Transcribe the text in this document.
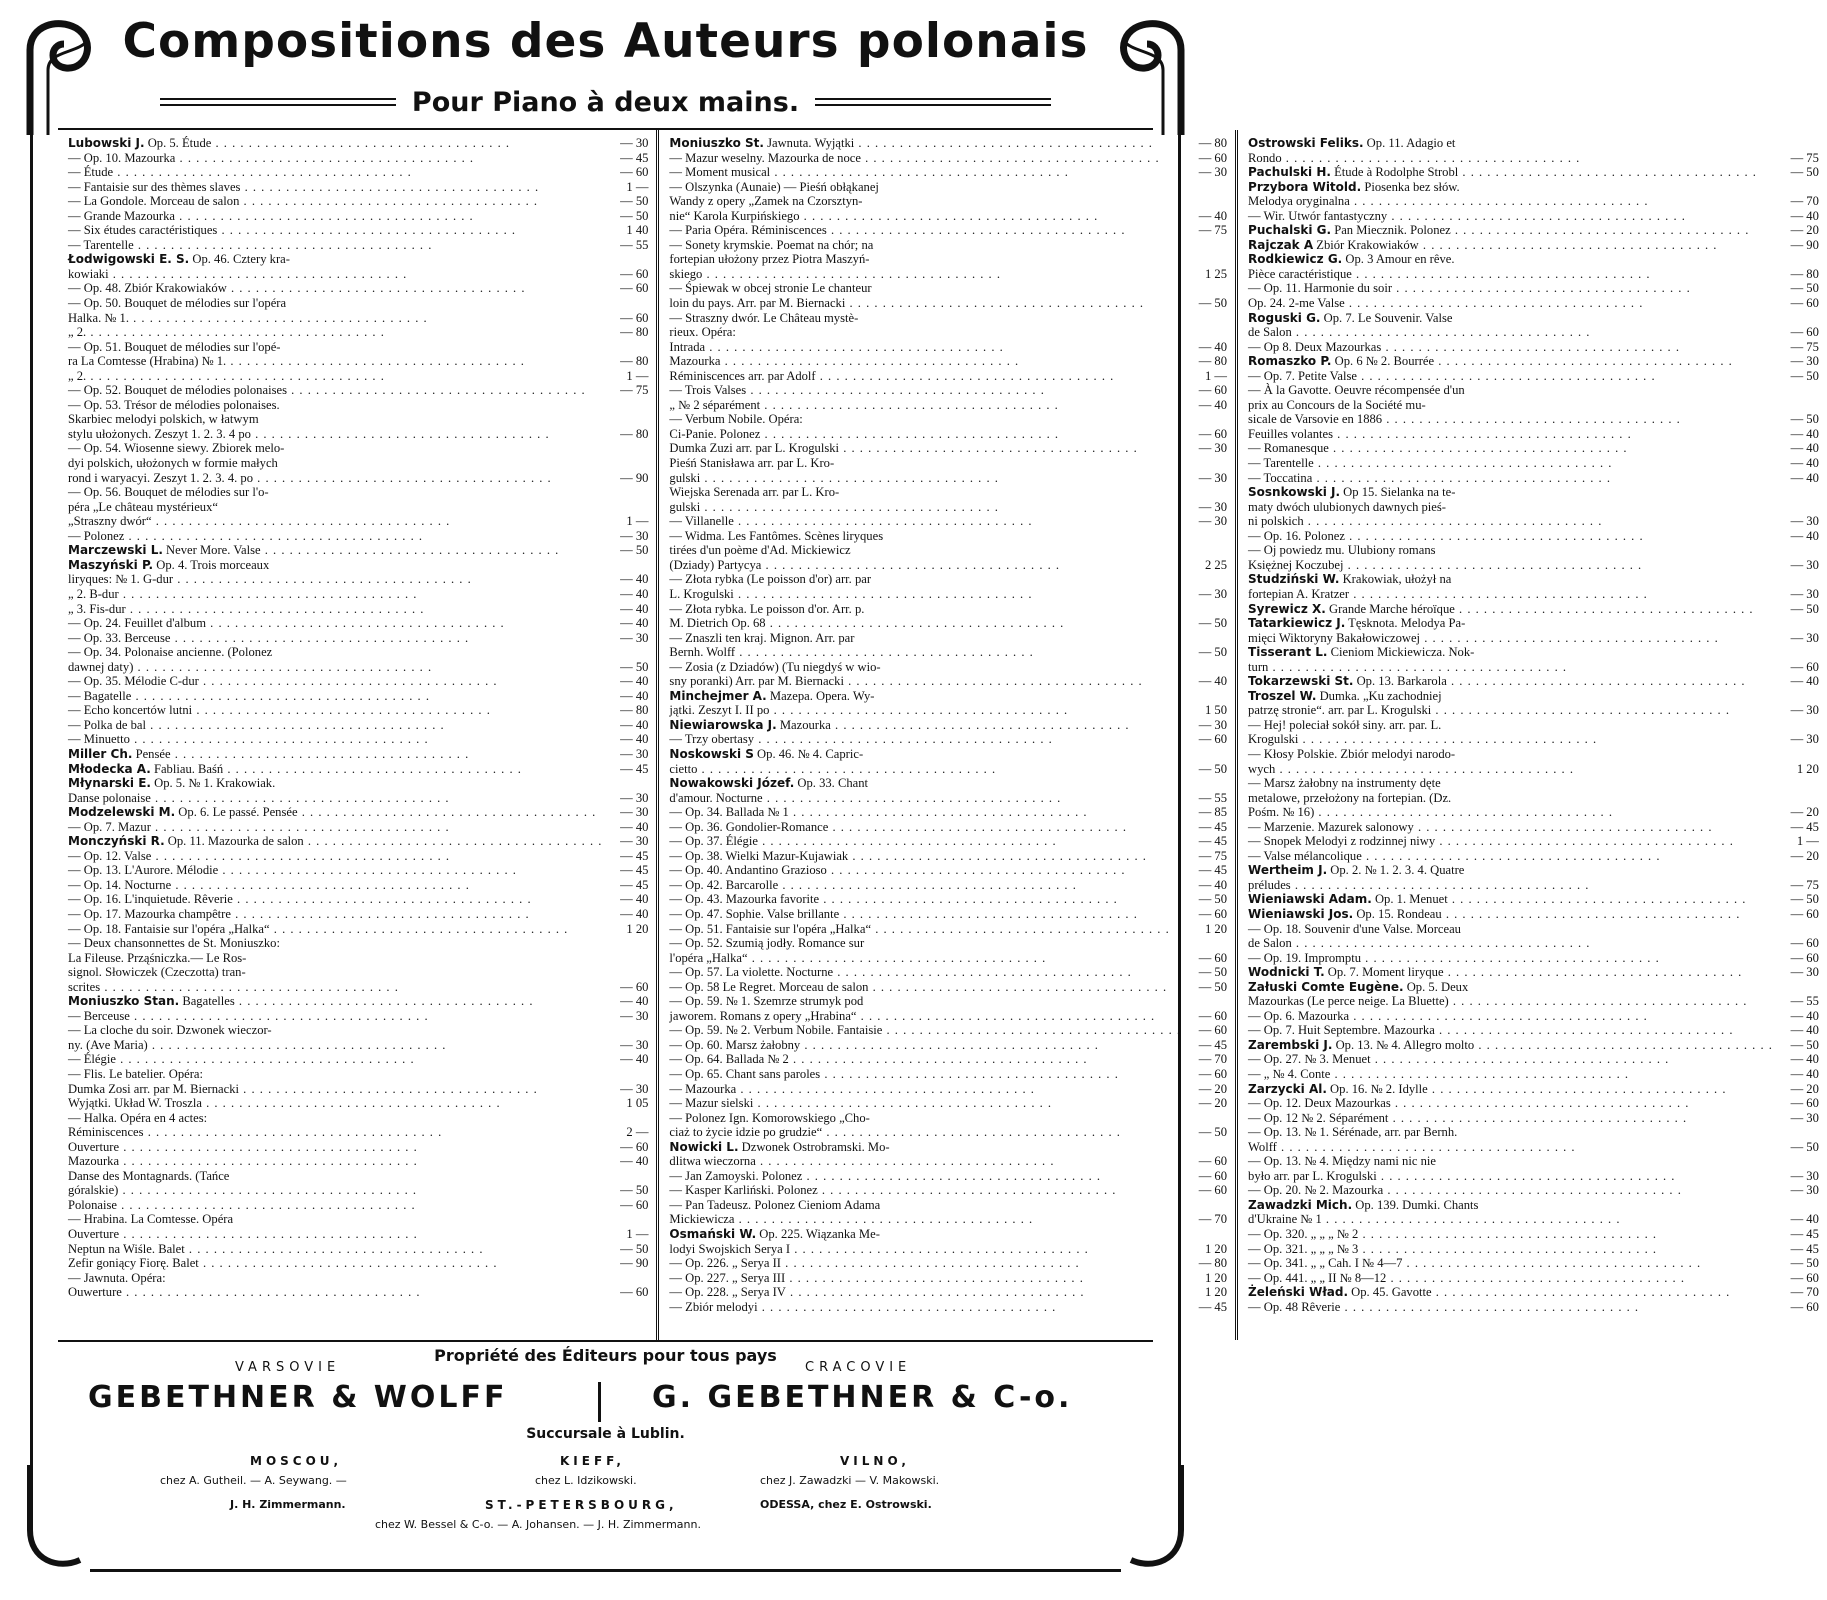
Compositions des Auteurs polonais
Pour Piano à deux mains.
Lubowski J. Op. 5. Étude . . .	— 30
— Op. 10. Mazourka . . .	— 45
— Étude . . .	— 60
— Fantaisie sur des thèmes slaves . . .	1 —
— La Gondole. Morceau de salon . . .	— 50
— Grande Mazourka . . .	— 50
— Six études caractéristiques . . .	1 40
— Tarentelle . . .	— 55
Łodwigowski E. S. Op. 46. Cztery kra-
kowiaki . . .	— 60
— Op. 48. Zbiór Krakowiaków . . .	— 60
— Op. 50. Bouquet de mélodies sur l'opéra
Halka. № 1. . . .	— 60
„ 2. . . .	— 80
— Op. 51. Bouquet de mélodies sur l'opé-
ra La Comtesse (Hrabina) № 1. . . .	— 80
„ 2. . . .	1 —
— Op. 52. Bouquet de mélodies polonaises . . .	— 75
— Op. 53. Trésor de mélodies polonaises.
Skarbiec melodyi polskich, w łatwym
stylu ułożonych. Zeszyt 1. 2. 3. 4 po . . .	— 80
— Op. 54. Wiosenne siewy. Zbiorek melo-
dyi polskich, ułożonych w formie małych
rond i waryacyi. Zeszyt 1. 2. 3. 4. po . . .	— 90
— Op. 56. Bouquet de mélodies sur l'o-
péra „Le château mystérieux“
„Straszny dwór“ . . .	1 —
— Polonez . . .	— 30
Marczewski L. Never More. Valse . . .	— 50
Maszyński P. Op. 4. Trois morceaux
liryques: № 1. G-dur . . .	— 40
„ 2. B-dur . . .	— 40
„ 3. Fis-dur . . .	— 40
— Op. 24. Feuillet d'album . . .	— 40
— Op. 33. Berceuse . . .	— 30
— Op. 34. Polonaise ancienne. (Polonez
dawnej daty) . . .	— 50
— Op. 35. Mélodie C-dur . . .	— 40
— Bagatelle . . .	— 40
— Echo koncertów lutni . . .	— 80
— Polka de bal . . .	— 40
— Minuetto . . .	— 40
Miller Ch. Pensée . . .	— 30
Młodecka A. Fabliau. Baśń . . .	— 45
Młynarski E. Op. 5. № 1. Krakowiak.
Danse polonaise . . .	— 30
Modzelewski M. Op. 6. Le passé. Pensée . . .	— 30
— Op. 7. Mazur . . .	— 40
Monczyński R. Op. 11. Mazourka de salon . . .	— 30
— Op. 12. Valse . . .	— 45
— Op. 13. L'Aurore. Mélodie . . .	— 45
— Op. 14. Nocturne . . .	— 45
— Op. 16. L'inquietude. Rêverie . . .	— 40
— Op. 17. Mazourka champêtre . . .	— 40
— Op. 18. Fantaisie sur l'opéra „Halka“ . . .	1 20
— Deux chansonnettes de St. Moniuszko:
La Fileuse. Prząśniczka.— Le Ros-
signol. Słowiczek (Czeczotta) tran-
scrites . . .	— 60
Moniuszko Stan. Bagatelles . . .	— 40
— Berceuse . . .	— 30
— La cloche du soir. Dzwonek wieczor-
ny. (Ave Maria) . . .	— 30
— Élégie . . .	— 40
— Flis. Le batelier. Opéra:
Dumka Zosi arr. par M. Biernacki . . .	— 30
Wyjątki. Układ W. Troszla . . .	1 05
— Halka. Opéra en 4 actes:
Réminiscences . . .	2 —
Ouverture . . .	— 60
Mazourka . . .	— 40
Danse des Montagnards. (Tańce
góralskie) . . .	— 50
Polonaise . . .	— 60
— Hrabina. La Comtesse. Opéra
Ouverture . . .	1 —
Neptun na Wiśle. Balet . . .	— 50
Zefir goniący Fiorę. Balet . . .	— 90
— Jawnuta. Opéra:
Ouwerture . . .	— 60
Moniuszko St. Jawnuta. Wyjątki . . .	— 80
— Mazur weselny. Mazourka de noce . . .	— 60
— Moment musical . . .	— 30
— Olszynka (Aunaie) — Pieśń obłąkanej
Wandy z opery „Zamek na Czorsztyn-
nie“ Karola Kurpińskiego . . .	— 40
— Paria Opéra. Réminiscences . . .	— 75
— Sonety krymskie. Poemat na chór; na
fortepian ułożony przez Piotra Maszyń-
skiego . . .	1 25
— Śpiewak w obcej stronie Le chanteur
loin du pays. Arr. par M. Biernacki . . .	— 50
— Straszny dwór. Le Château mystè-
rieux. Opéra:
Intrada . . .	— 40
Mazourka . . .	— 80
Réminiscences arr. par Adolf . . .	1 —
— Trois Valses . . .	— 60
„ № 2 séparément . . .	— 40
— Verbum Nobile. Opéra:
Ci-Panie. Polonez . . .	— 60
Dumka Zuzi arr. par L. Krogulski . . .	— 30
Pieśń Stanisława arr. par L. Kro-
gulski . . .	— 30
Wiejska Serenada arr. par L. Kro-
gulski . . .	— 30
— Villanelle . . .	— 30
— Widma. Les Fantômes. Scènes liryques
tirées d'un poème d'Ad. Mickiewicz
(Dziady) Partycya . . .	2 25
— Złota rybka (Le poisson d'or) arr. par
L. Krogulski . . .	— 30
— Złota rybka. Le poisson d'or. Arr. p.
M. Dietrich Op. 68 . . .	— 50
— Znaszli ten kraj. Mignon. Arr. par
Bernh. Wolff . . .	— 50
— Zosia (z Dziadów) (Tu niegdyś w wio-
sny poranki) Arr. par M. Biernacki . . .	— 40
Minchejmer A. Mazepa. Opera. Wy-
jątki. Zeszyt I. II po . . .	1 50
Niewiarowska J. Mazourka . . .	— 30
— Trzy obertasy . . .	— 60
Noskowski S Op. 46. № 4. Capric-
cietto . . .	— 50
Nowakowski Józef. Op. 33. Chant
d'amour. Nocturne . . .	— 55
— Op. 34. Ballada № 1 . . .	— 85
— Op. 36. Gondolier-Romance . . .	— 45
— Op. 37. Élégie . . .	— 45
— Op. 38. Wielki Mazur-Kujawiak . . .	— 75
— Op. 40. Andantino Grazioso . . .	— 45
— Op. 42. Barcarolle . . .	— 40
— Op. 43. Mazourka favorite . . .	— 50
— Op. 47. Sophie. Valse brillante . . .	— 60
— Op. 51. Fantaisie sur l'opéra „Halka“ . . .	1 20
— Op. 52. Szumią jodły. Romance sur
l'opéra „Halka“ . . .	— 60
— Op. 57. La violette. Nocturne . . .	— 50
— Op. 58 Le Regret. Morceau de salon . . .	— 50
— Op. 59. № 1. Szemrze strumyk pod
jaworem. Romans z opery „Hrabina“ . . .	— 60
— Op. 59. № 2. Verbum Nobile. Fantaisie . . .	— 60
— Op. 60. Marsz żałobny . . .	— 45
— Op. 64. Ballada № 2 . . .	— 70
— Op. 65. Chant sans paroles . . .	— 60
— Mazourka . . .	— 20
— Mazur sielski . . .	— 20
— Polonez Ign. Komorowskiego „Cho-
ciaż to życie idzie po grudzie“ . . .	— 50
Nowicki L. Dzwonek Ostrobramski. Mo-
dlitwa wieczorna . . .	— 60
— Jan Zamoyski. Polonez . . .	— 60
— Kasper Karliński. Polonez . . .	— 60
— Pan Tadeusz. Polonez Cieniom Adama
Mickiewicza . . .	— 70
Osmański W. Op. 225. Wiązanka Me-
lodyi Swojskich Serya I . . .	1 20
— Op. 226. „ Serya II . . .	— 80
— Op. 227. „ Serya III . . .	1 20
— Op. 228. „ Serya IV . . .	1 20
— Zbiór melodyi . . .	— 45
Ostrowski Feliks. Op. 11. Adagio et
Rondo . . .	— 75
Pachulski H. Étude à Rodolphe Strobl . . .	— 50
Przybora Witold. Piosenka bez słów.
Melodya oryginalna . . .	— 70
— Wir. Utwór fantastyczny . . .	— 40
Puchalski G. Pan Miecznik. Polonez . . .	— 20
Rajczak A Zbiór Krakowiaków . . .	— 90
Rodkiewicz G. Op. 3 Amour en rêve.
Pièce caractéristique . . .	— 80
— Op. 11. Harmonie du soir . . .	— 50
Op. 24. 2-me Valse . . .	— 60
Roguski G. Op. 7. Le Souvenir. Valse
de Salon . . .	— 60
— Op 8. Deux Mazourkas . . .	— 75
Romaszko P. Op. 6 № 2. Bourrée . . .	— 30
— Op. 7. Petite Valse . . .	— 50
— À la Gavotte. Oeuvre récompensée d'un
prix au Concours de la Société mu-
sicale de Varsovie en 1886 . . .	— 50
Feuilles volantes . . .	— 40
— Romanesque . . .	— 40
— Tarentelle . . .	— 40
— Toccatina . . .	— 40
Sosnkowski J. Op 15. Sielanka na te-
maty dwóch ulubionych dawnych pieś-
ni polskich . . .	— 30
— Op. 16. Polonez . . .	— 40
— Oj powiedz mu. Ulubiony romans
Księżnej Koczubej . . .	— 30
Studziński W. Krakowiak, ułożył na
fortepian A. Kratzer . . .	— 30
Syrewicz X. Grande Marche héroïque . . .	— 50
Tatarkiewicz J. Tęsknota. Melodya Pa-
mięci Wiktoryny Bakałowiczowej . . .	— 30
Tisserant L. Cieniom Mickiewicza. Nok-
turn . . .	— 60
Tokarzewski St. Op. 13. Barkarola . . .	— 40
Troszel W. Dumka. „Ku zachodniej
patrzę stronie“. arr. par L. Krogulski . . .	— 30
— Hej! poleciał sokół siny. arr. par. L.
Krogulski . . .	— 30
— Kłosy Polskie. Zbiór melodyi narodo-
wych . . .	1 20
— Marsz żałobny na instrumenty dęte
metalowe, przełożony na fortepian. (Dz.
Pośm. № 16) . . .	— 20
— Marzenie. Mazurek salonowy . . .	— 45
— Snopek Melodyi z rodzinnej niwy . . .	1 —
— Valse mélancolique . . .	— 20
Wertheim J. Op. 2. № 1. 2. 3. 4. Quatre
préludes . . .	— 75
Wieniawski Adam. Op. 1. Menuet . . .	— 50
Wieniawski Jos. Op. 15. Rondeau . . .	— 60
— Op. 18. Souvenir d'une Valse. Morceau
de Salon . . .	— 60
— Op. 19. Impromptu . . .	— 60
Wodnicki T. Op. 7. Moment liryque . . .	— 30
Załuski Comte Eugène. Op. 5. Deux
Mazourkas (Le perce neige. La Bluette) . . .	— 55
— Op. 6. Mazourka . . .	— 40
— Op. 7. Huit Septembre. Mazourka . . .	— 40
Zarembski J. Op. 13. № 4. Allegro molto . . .	— 50
— Op. 27. № 3. Menuet . . .	— 40
— „ № 4. Conte . . .	— 40
Zarzycki Al. Op. 16. № 2. Idylle . . .	— 20
— Op. 12. Deux Mazourkas . . .	— 60
— Op. 12 № 2. Séparément . . .	— 30
— Op. 13. № 1. Sérénade, arr. par Bernh.
Wolff . . .	— 50
— Op. 13. № 4. Między nami nic nie
było arr. par L. Krogulski . . .	— 30
— Op. 20. № 2. Mazourka . . .	— 30
Zawadzki Mich. Op. 139. Dumki. Chants
d'Ukraine № 1 . . .	— 40
— Op. 320. „ „ „ № 2 . . .	— 45
— Op. 321. „ „ „ № 3 . . .	— 45
— Op. 341. „ „ Cah. I № 4—7 . . .	— 50
— Op. 441. „ „ II № 8—12 . . .	— 60
Żeleński Wład. Op. 45. Gavotte . . .	— 70
— Op. 48 Rêverie . . .	— 60
Propriété des Éditeurs pour tous pays
VARSOVIE	CRACOVIE
GEBETHNER & WOLFF	G. GEBETHNER & C-o.
Succursale à Lublin.
MOSCOU,
chez A. Gutheil. — A. Seywang. —
J. H. Zimmermann.
KIEFF,
chez L. Idzikowski.
VILNO,
chez J. Zawadzki — V. Makowski.
ST.-PETERSBOURG,	ODESSA, chez E. Ostrowski.
chez W. Bessel & C-o. — A. Johansen. — J. H. Zimmermann.
